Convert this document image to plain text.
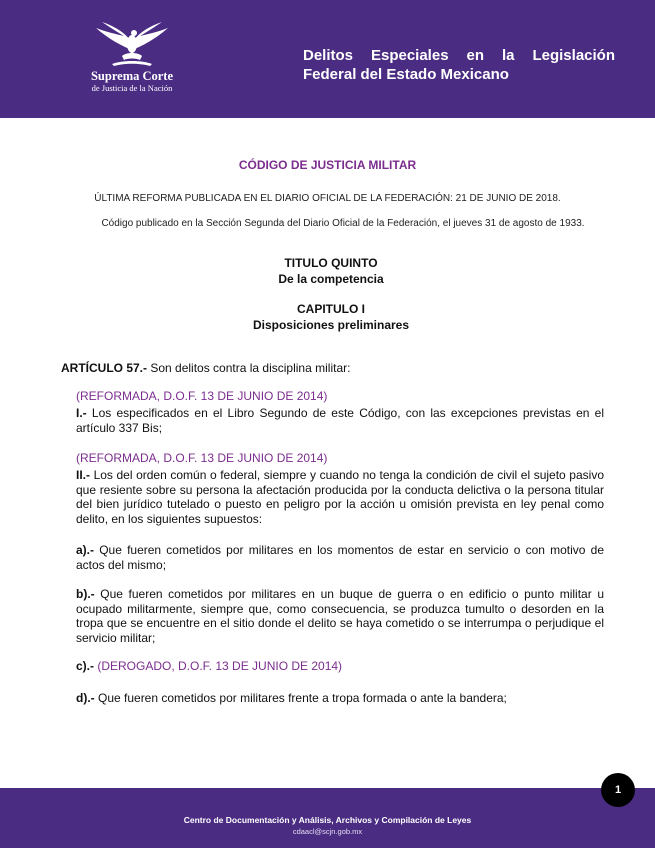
Suprema Corte
de Justicia de la Nación
Delitos Especiales en la Legislación
Federal del Estado Mexicano
CÓDIGO DE JUSTICIA MILITAR
ÚLTIMA REFORMA PUBLICADA EN EL DIARIO OFICIAL DE LA FEDERACIÓN: 21 DE JUNIO DE 2018.
Código publicado en la Sección Segunda del Diario Oficial de la Federación, el jueves 31 de agosto de 1933.
TITULO QUINTO
De la competencia
CAPITULO I
Disposiciones preliminares
ARTÍCULO 57.- Son delitos contra la disciplina militar:
(REFORMADA, D.O.F. 13 DE JUNIO DE 2014)

I.- Los especificados en el Libro Segundo de este Código, con las excepciones previstas en el artículo 337 Bis;

(REFORMADA, D.O.F. 13 DE JUNIO DE 2014)

II.- Los del orden común o federal, siempre y cuando no tenga la condición de civil el sujeto pasivo que resiente sobre su persona la afectación producida por la conducta delictiva o la persona titular del bien jurídico tutelado o puesto en peligro por la acción u omisión prevista en ley penal como delito, en los siguientes supuestos:

a).- Que fueren cometidos por militares en los momentos de estar en servicio o con motivo de actos del mismo;

b).- Que fueren cometidos por militares en un buque de guerra o en edificio o punto militar u ocupado militarmente, siempre que, como consecuencia, se produzca tumulto o desorden en la tropa que se encuentre en el sitio donde el delito se haya cometido o se interrumpa o perjudique el servicio militar;

c).- (DEROGADO, D.O.F. 13 DE JUNIO DE 2014)

d).- Que fueren cometidos por militares frente a tropa formada o ante la bandera;

Centro de Documentación y Análisis, Archivos y Compilación de Leyes
cdaacl@scjn.gob.mx
1
